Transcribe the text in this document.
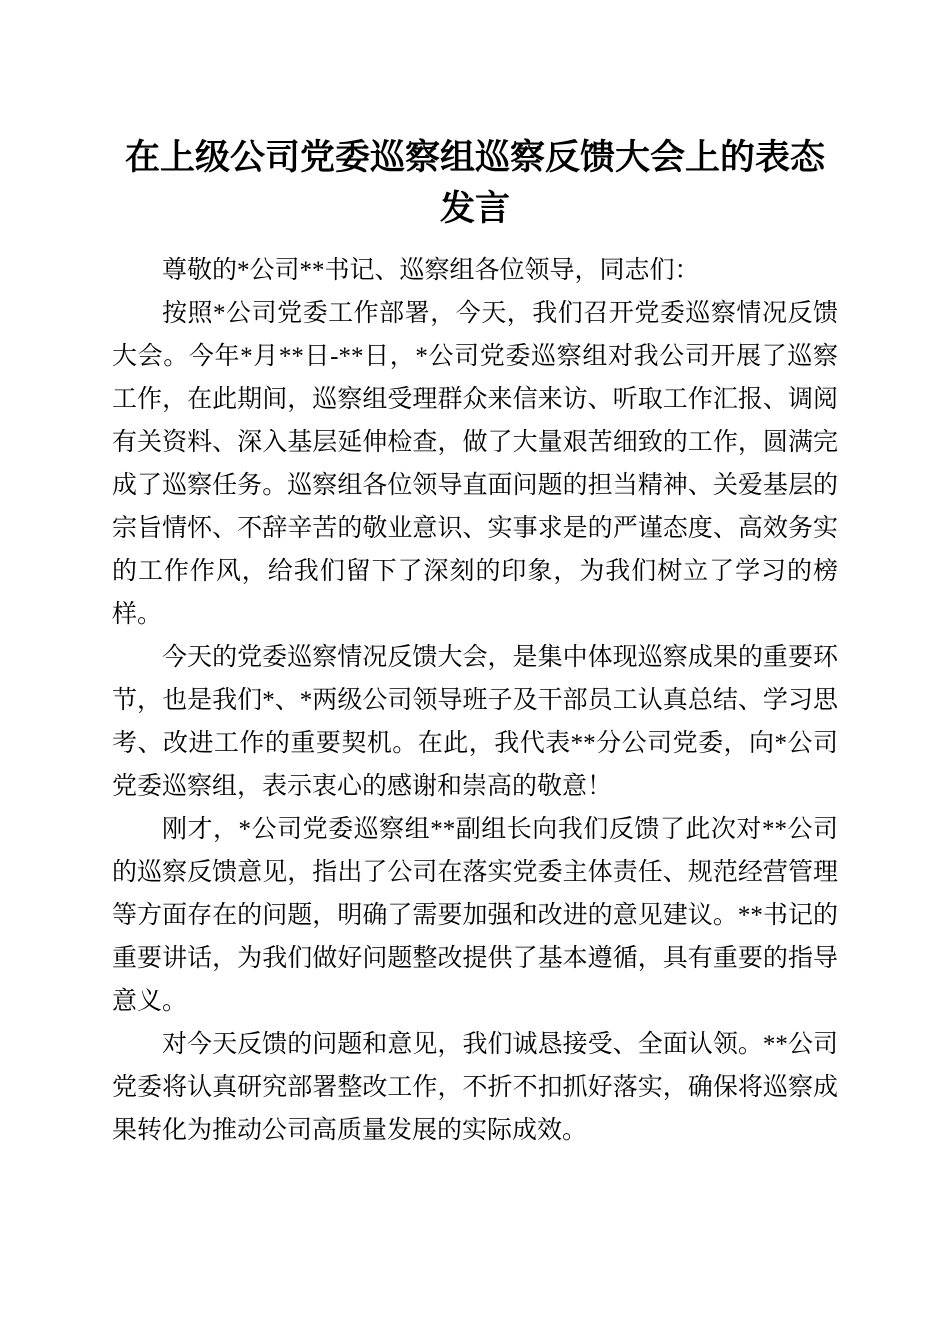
在上级公司党委巡察组巡察反馈大会上的表态发言

尊敬的*公司**书记、巡察组各位领导，同志们：

按照*公司党委工作部署，今天，我们召开党委巡察情况反馈大会。今年*月**日-**日，*公司党委巡察组对我公司开展了巡察工作，在此期间，巡察组受理群众来信来访、听取工作汇报、调阅有关资料、深入基层延伸检查，做了大量艰苦细致的工作，圆满完成了巡察任务。巡察组各位领导直面问题的担当精神、关爱基层的宗旨情怀、不辞辛苦的敬业意识、实事求是的严谨态度、高效务实的工作作风，给我们留下了深刻的印象，为我们树立了学习的榜样。

今天的党委巡察情况反馈大会，是集中体现巡察成果的重要环节，也是我们*、*两级公司领导班子及干部员工认真总结、学习思考、改进工作的重要契机。在此，我代表**分公司党委，向*公司党委巡察组，表示衷心的感谢和崇高的敬意！

刚才，*公司党委巡察组**副组长向我们反馈了此次对**公司的巡察反馈意见，指出了公司在落实党委主体责任、规范经营管理等方面存在的问题，明确了需要加强和改进的意见建议。**书记的重要讲话，为我们做好问题整改提供了基本遵循，具有重要的指导意义。

对今天反馈的问题和意见，我们诚恳接受、全面认领。**公司党委将认真研究部署整改工作，不折不扣抓好落实，确保将巡察成果转化为推动公司高质量发展的实际成效。
